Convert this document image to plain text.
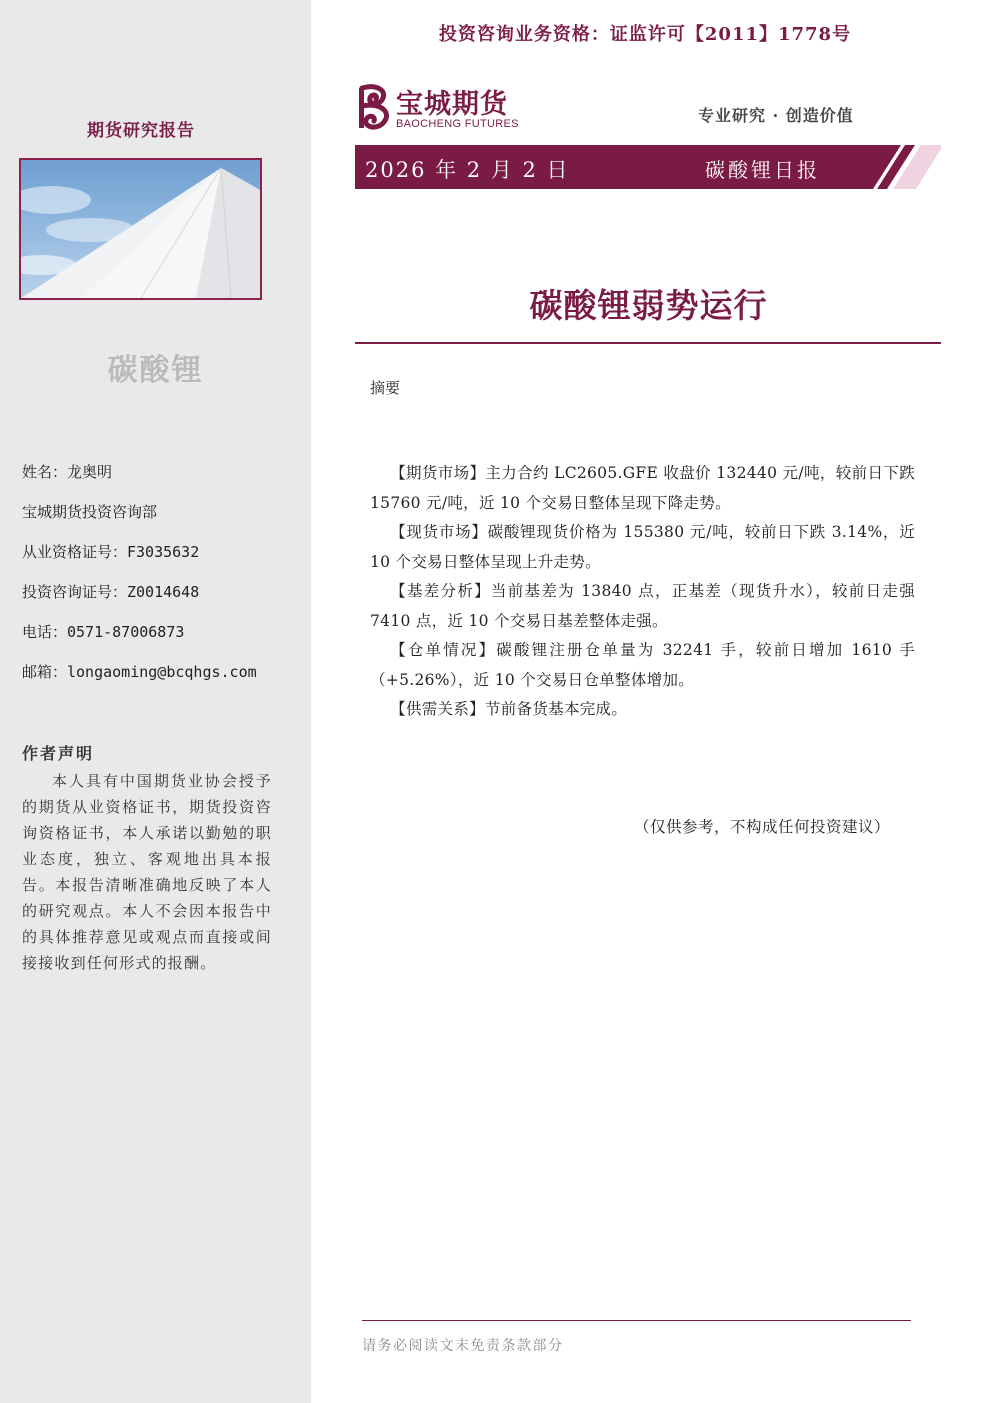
期货研究报告
碳酸锂
姓名：龙奥明
宝城期货投资咨询部
从业资格证号：F3035632
投资咨询证号：Z0014648
电话：0571-87006873
邮箱：longaoming@bcqhgs.com
作者声明
本人具有中国期货业协会授予的期货从业资格证书，期货投资咨询资格证书，本人承诺以勤勉的职业态度，独立、客观地出具本报告。本报告清晰准确地反映了本人的研究观点。本人不会因本报告中的具体推荐意见或观点而直接或间接接收到任何形式的报酬。
投资咨询业务资格：证监许可【2011】1778号
宝城期货
BAOCHENG FUTURES	专业研究 · 创造价值
2026 年 2 月 2 日	碳酸锂日报
碳酸锂弱势运行
摘要

【期货市场】主力合约 LC2605.GFE 收盘价 132440 元/吨，较前日下跌 15760 元/吨，近 10 个交易日整体呈现下降走势。

【现货市场】碳酸锂现货价格为 155380 元/吨，较前日下跌 3.14%，近 10 个交易日整体呈现上升走势。

【基差分析】当前基差为 13840 点，正基差（现货升水），较前日走强 7410 点，近 10 个交易日基差整体走强。

【仓单情况】碳酸锂注册仓单量为 32241 手，较前日增加 1610 手（+5.26%），近 10 个交易日仓单整体增加。

【供需关系】节前备货基本完成。

（仅供参考，不构成任何投资建议）
请务必阅读文末免责条款部分
